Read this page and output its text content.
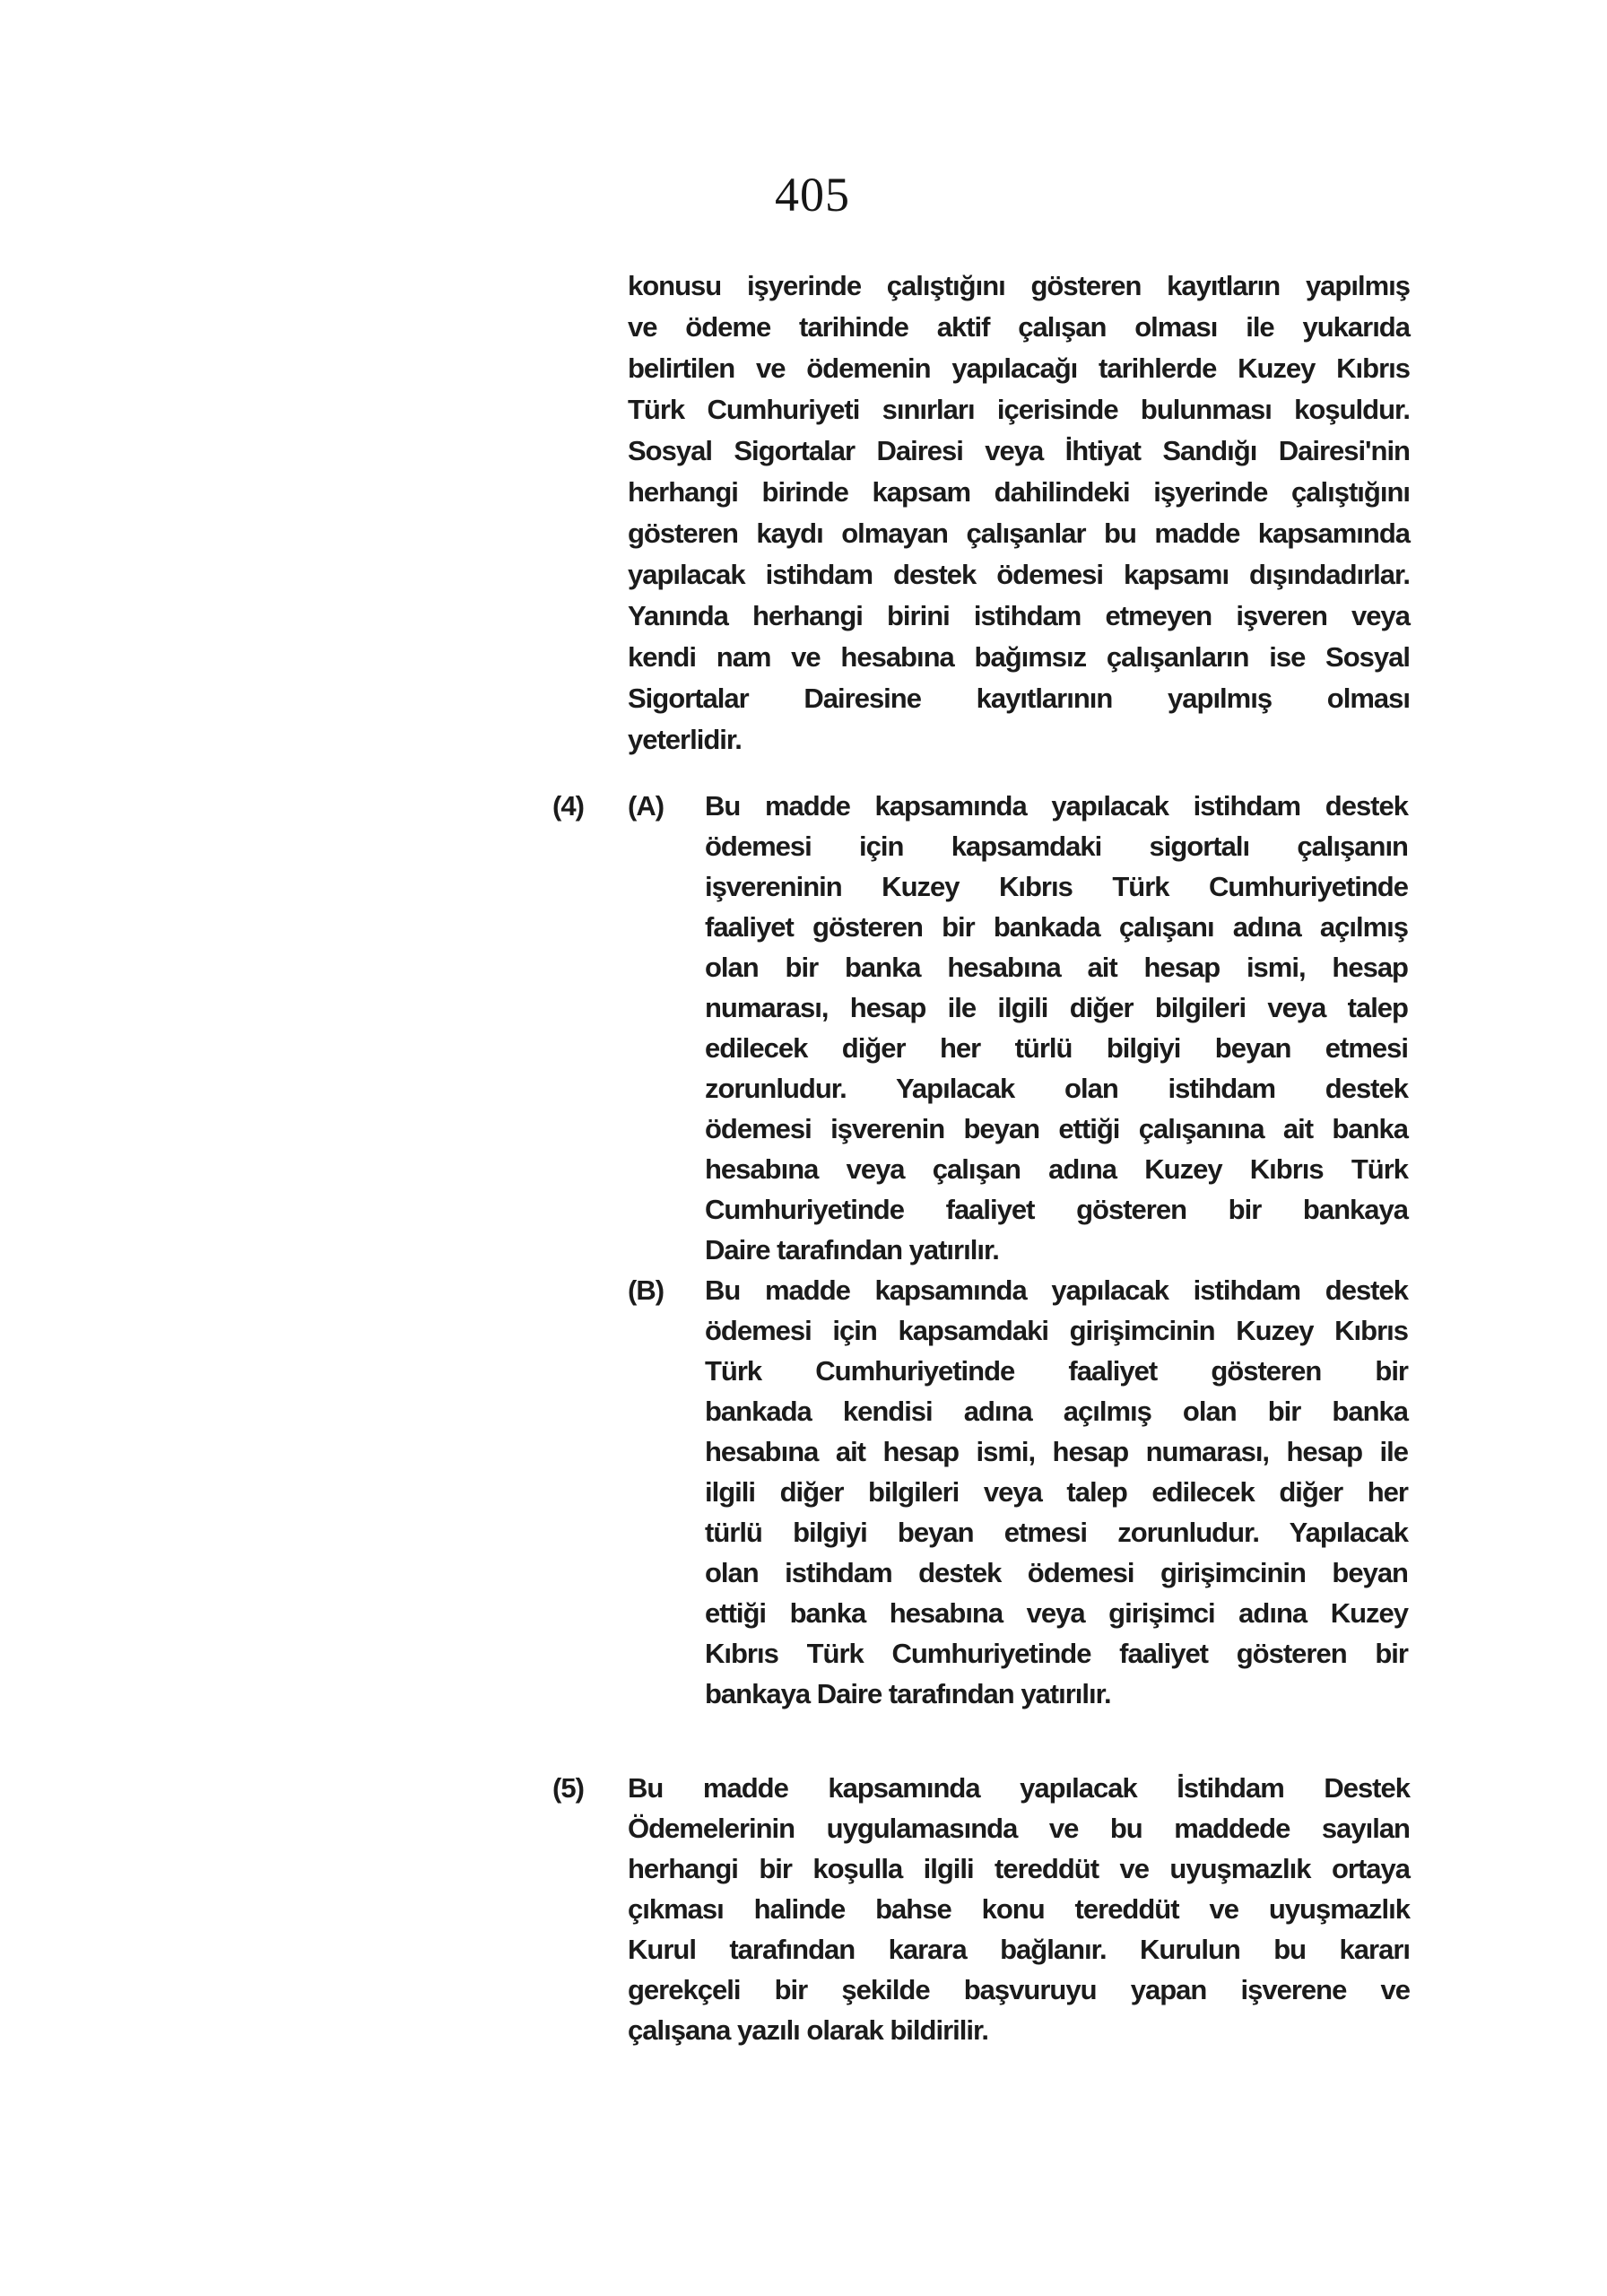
405
konusu işyerinde çalıştığını gösteren kayıtların yapılmış
ve ödeme tarihinde aktif çalışan olması ile yukarıda
belirtilen ve ödemenin yapılacağı tarihlerde Kuzey Kıbrıs
Türk Cumhuriyeti sınırları içerisinde bulunması koşuldur.
Sosyal Sigortalar Dairesi veya İhtiyat Sandığı Dairesi'nin
herhangi birinde kapsam dahilindeki işyerinde çalıştığını
gösteren kaydı olmayan çalışanlar bu madde kapsamında
yapılacak istihdam destek ödemesi kapsamı dışındadırlar.
Yanında herhangi birini istihdam etmeyen işveren veya
kendi nam ve hesabına bağımsız çalışanların ise Sosyal
Sigortalar Dairesine kayıtlarının yapılmış olması
yeterlidir.
(4) (A) Bu madde kapsamında yapılacak istihdam destek
ödemesi için kapsamdaki sigortalı çalışanın
işvereninin Kuzey Kıbrıs Türk Cumhuriyetinde
faaliyet gösteren bir bankada çalışanı adına açılmış
olan bir banka hesabına ait hesap ismi, hesap
numarası, hesap ile ilgili diğer bilgileri veya talep
edilecek diğer her türlü bilgiyi beyan etmesi
zorunludur. Yapılacak olan istihdam destek
ödemesi işverenin beyan ettiği çalışanına ait banka
hesabına veya çalışan adına Kuzey Kıbrıs Türk
Cumhuriyetinde faaliyet gösteren bir bankaya
Daire tarafından yatırılır.
(B) Bu madde kapsamında yapılacak istihdam destek
ödemesi için kapsamdaki girişimcinin Kuzey Kıbrıs
Türk Cumhuriyetinde faaliyet gösteren bir
bankada kendisi adına açılmış olan bir banka
hesabına ait hesap ismi, hesap numarası, hesap ile
ilgili diğer bilgileri veya talep edilecek diğer her
türlü bilgiyi beyan etmesi zorunludur. Yapılacak
olan istihdam destek ödemesi girişimcinin beyan
ettiği banka hesabına veya girişimci adına Kuzey
Kıbrıs Türk Cumhuriyetinde faaliyet gösteren bir
bankaya Daire tarafından yatırılır.
(5) Bu madde kapsamında yapılacak İstihdam Destek
Ödemelerinin uygulamasında ve bu maddede sayılan
herhangi bir koşulla ilgili tereddüt ve uyuşmazlık ortaya
çıkması halinde bahse konu tereddüt ve uyuşmazlık
Kurul tarafından karara bağlanır. Kurulun bu kararı
gerekçeli bir şekilde başvuruyu yapan işverene ve
çalışana yazılı olarak bildirilir.
